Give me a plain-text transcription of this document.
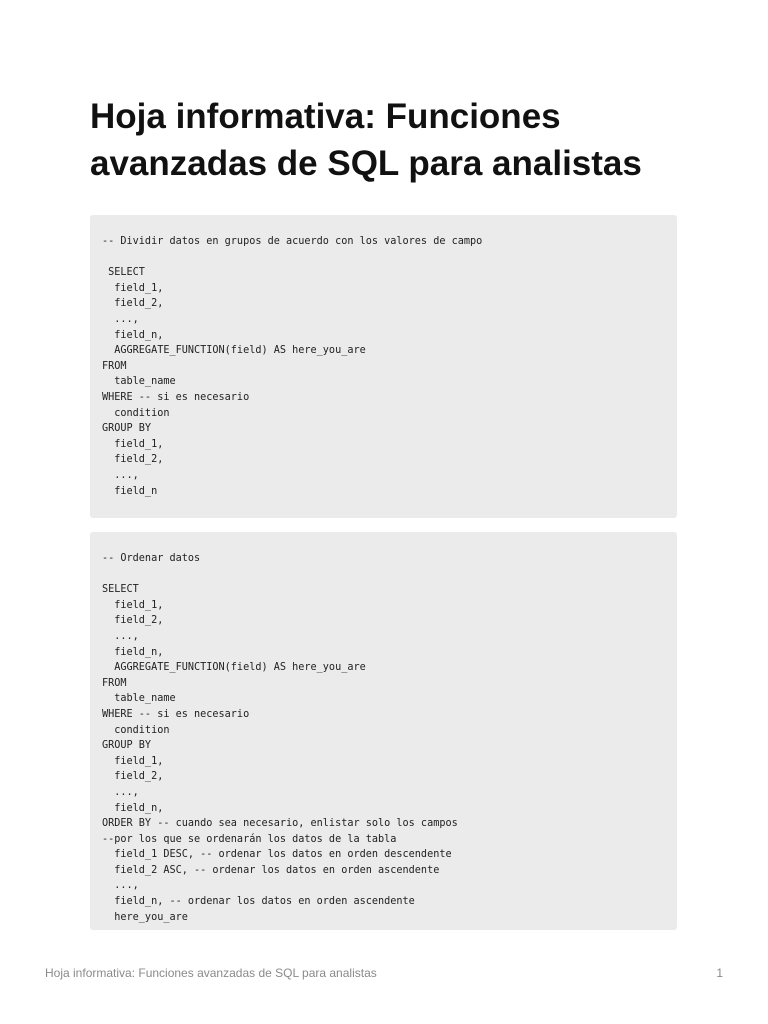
Hoja informativa: Funciones avanzadas de SQL para analistas
-- Dividir datos en grupos de acuerdo con los valores de campo

SELECT
field_1,
field_2,
...,
field_n,
AGGREGATE_FUNCTION(field) AS here_you_are
FROM
table_name
WHERE -- si es necesario
condition
GROUP BY
field_1,
field_2,
...,
field_n
-- Ordenar datos

SELECT
field_1,
field_2,
...,
field_n,
AGGREGATE_FUNCTION(field) AS here_you_are
FROM
table_name
WHERE -- si es necesario
condition
GROUP BY
field_1,
field_2,
...,
field_n,
ORDER BY -- cuando sea necesario, enlistar solo los campos
--por los que se ordenarán los datos de la tabla
field_1 DESC, -- ordenar los datos en orden descendente
field_2 ASC, -- ordenar los datos en orden ascendente
...,
field_n, -- ordenar los datos en orden ascendente
here_you_are
Hoja informativa: Funciones avanzadas de SQL para analistas	1
